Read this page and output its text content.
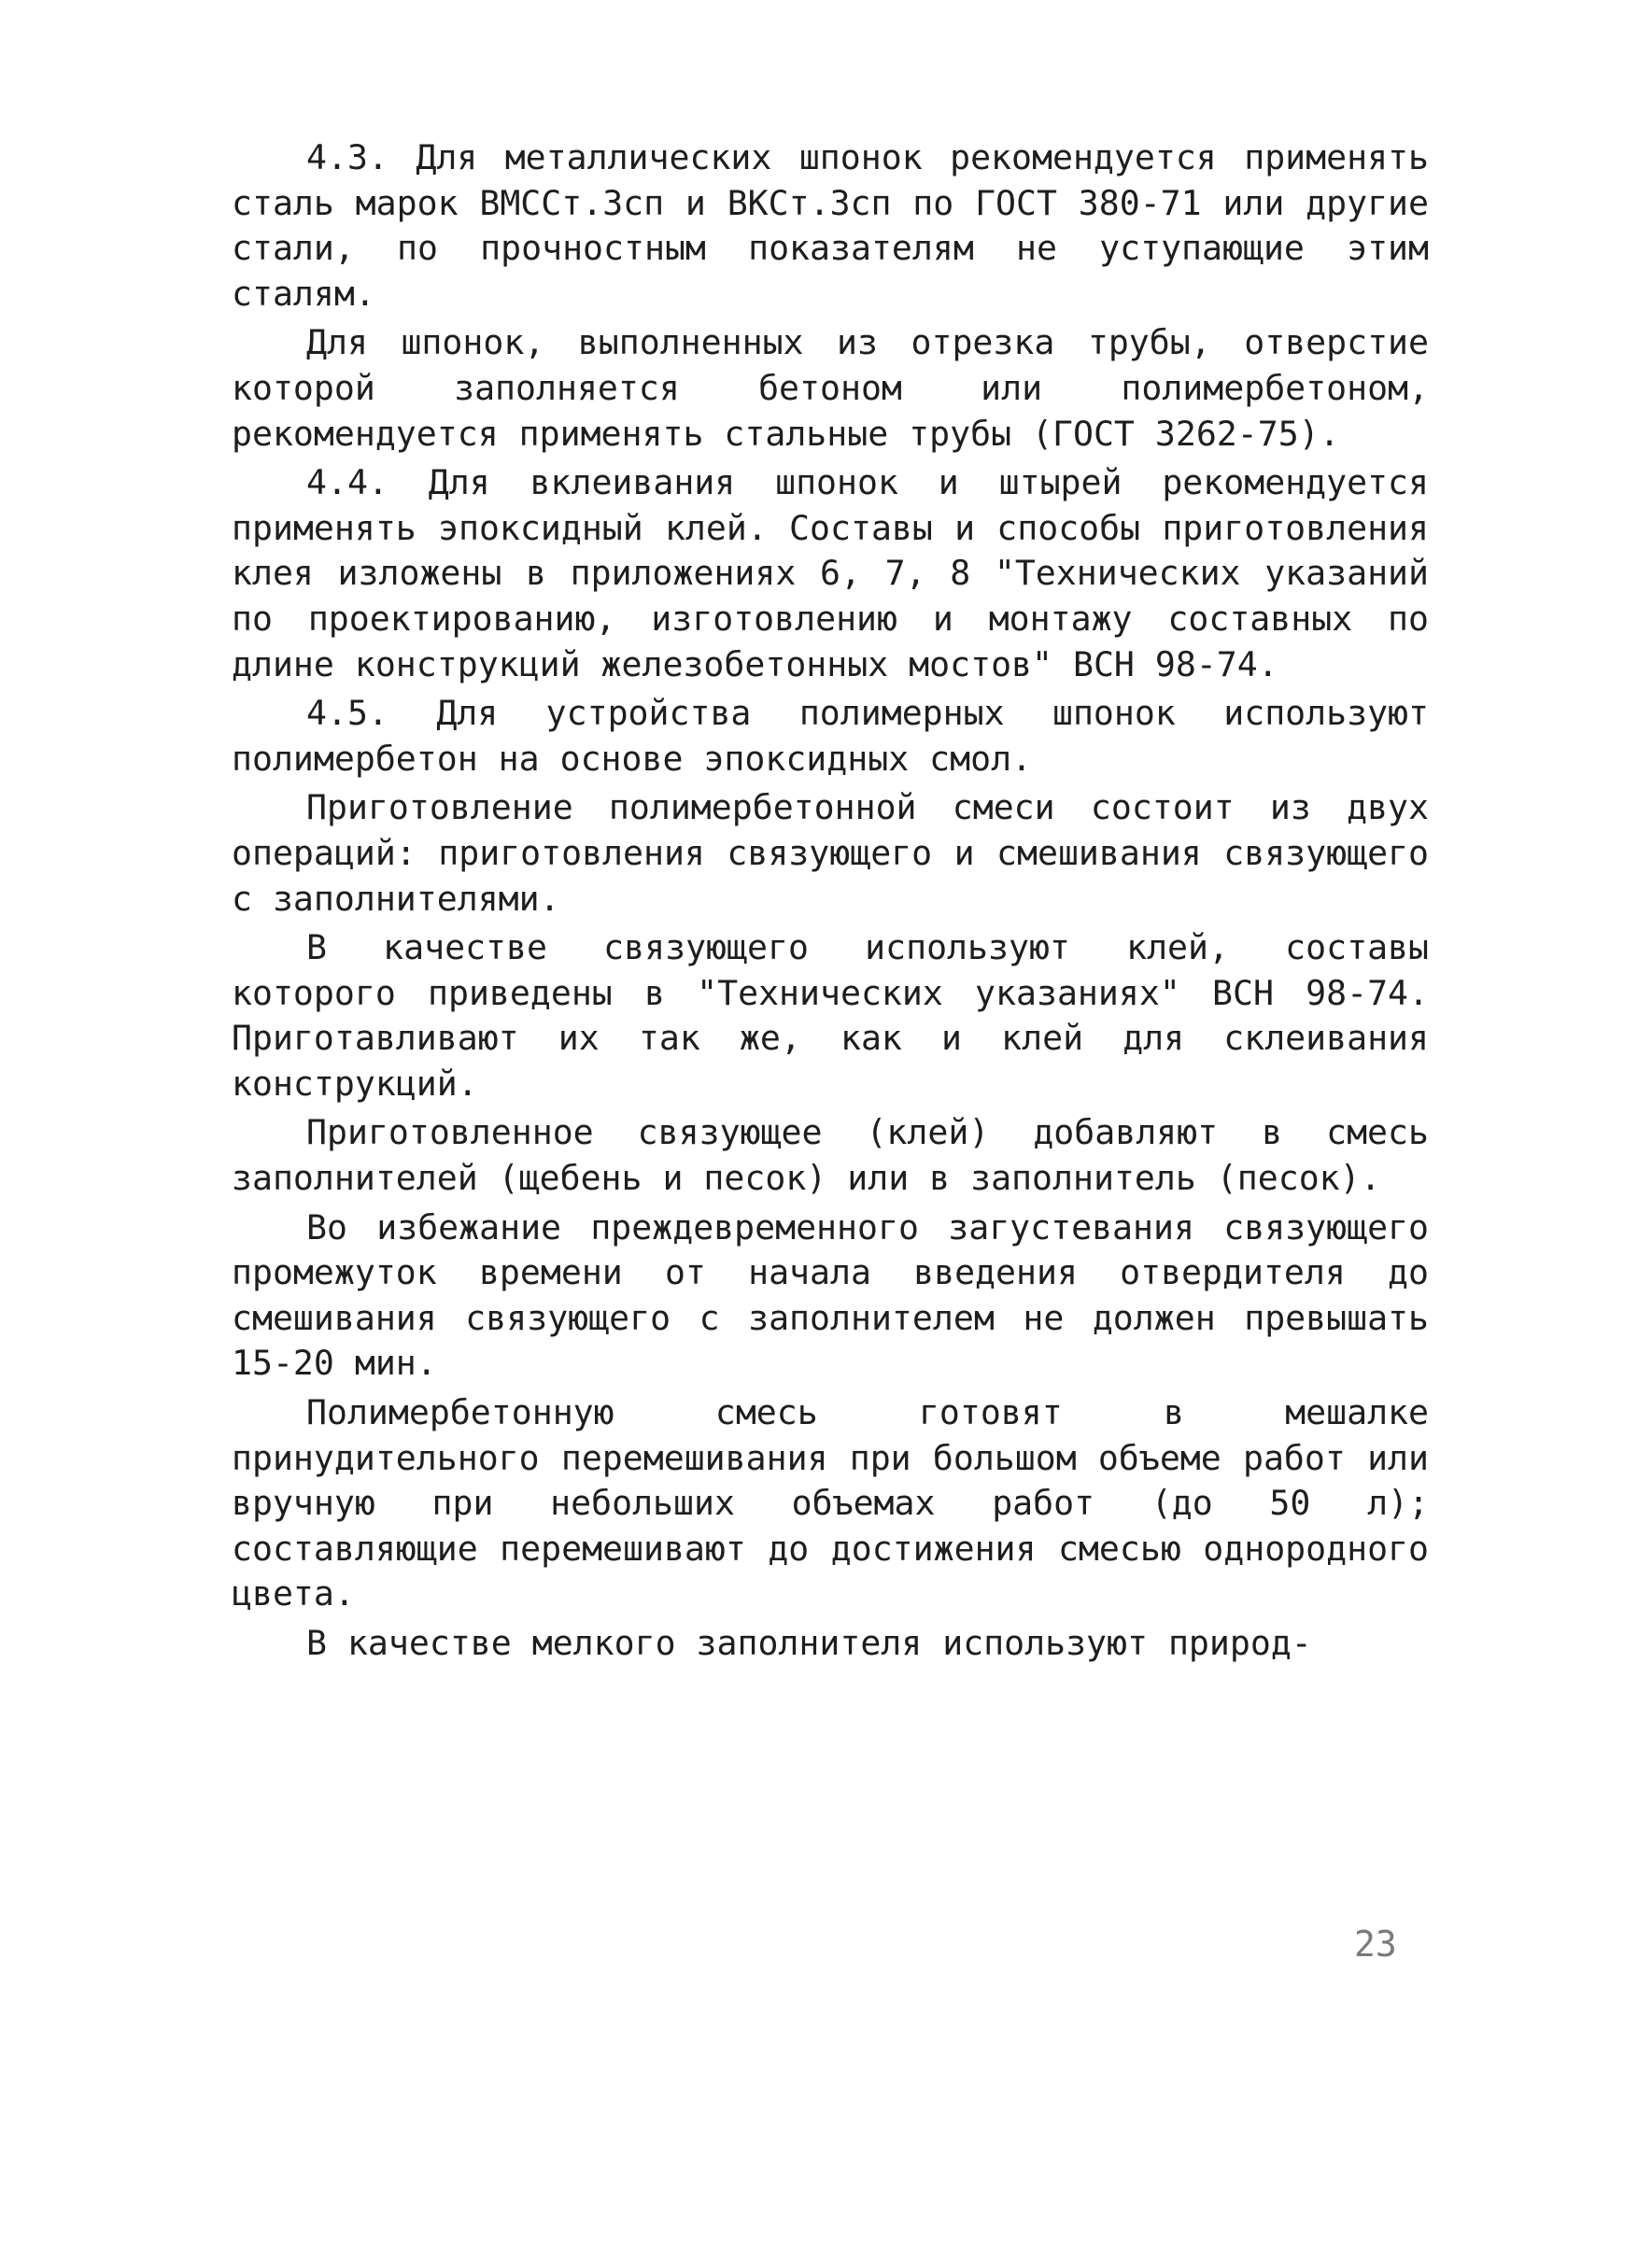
4.3. Для металлических шпонок рекомендуется применять сталь марок ВМСCт.3сп и ВКСт.3сп по ГОСТ 380-71 или другие стали, по прочностным показателям не уступающие этим сталям.

Для шпонок, выполненных из отрезка трубы, отверстие которой заполняется бетоном или полимербетоном, рекомендуется применять стальные трубы (ГОСТ 3262-75).

4.4. Для вклеивания шпонок и штырей рекомендуется применять эпоксидный клей. Составы и способы приготовления клея изложены в приложениях 6, 7, 8 "Технических указаний по проектированию, изготовлению и монтажу составных по длине конструкций железобетонных мостов" ВСН 98-74.

4.5. Для устройства полимерных шпонок используют полимербетон на основе эпоксидных смол.

Приготовление полимербетонной смеси состоит из двух операций: приготовления связующего и смешивания связующего с заполнителями.

В качестве связующего используют клей, составы которого приведены в "Технических указаниях" ВСН 98-74. Приготавливают их так же, как и клей для склеивания конструкций.

Приготовленное связующее (клей) добавляют в смесь заполнителей (щебень и песок) или в заполнитель (песок).

Во избежание преждевременного загустевания связующего промежуток времени от начала введения отвердителя до смешивания связующего с заполнителем не должен превышать 15-20 мин.

Полимербетонную смесь готовят в мешалке принудительного перемешивания при большом объеме работ или вручную при небольших объемах работ (до 50 л); составляющие перемешивают до достижения смесью однородного цвета.

В качестве мелкого заполнителя используют природ-

23
